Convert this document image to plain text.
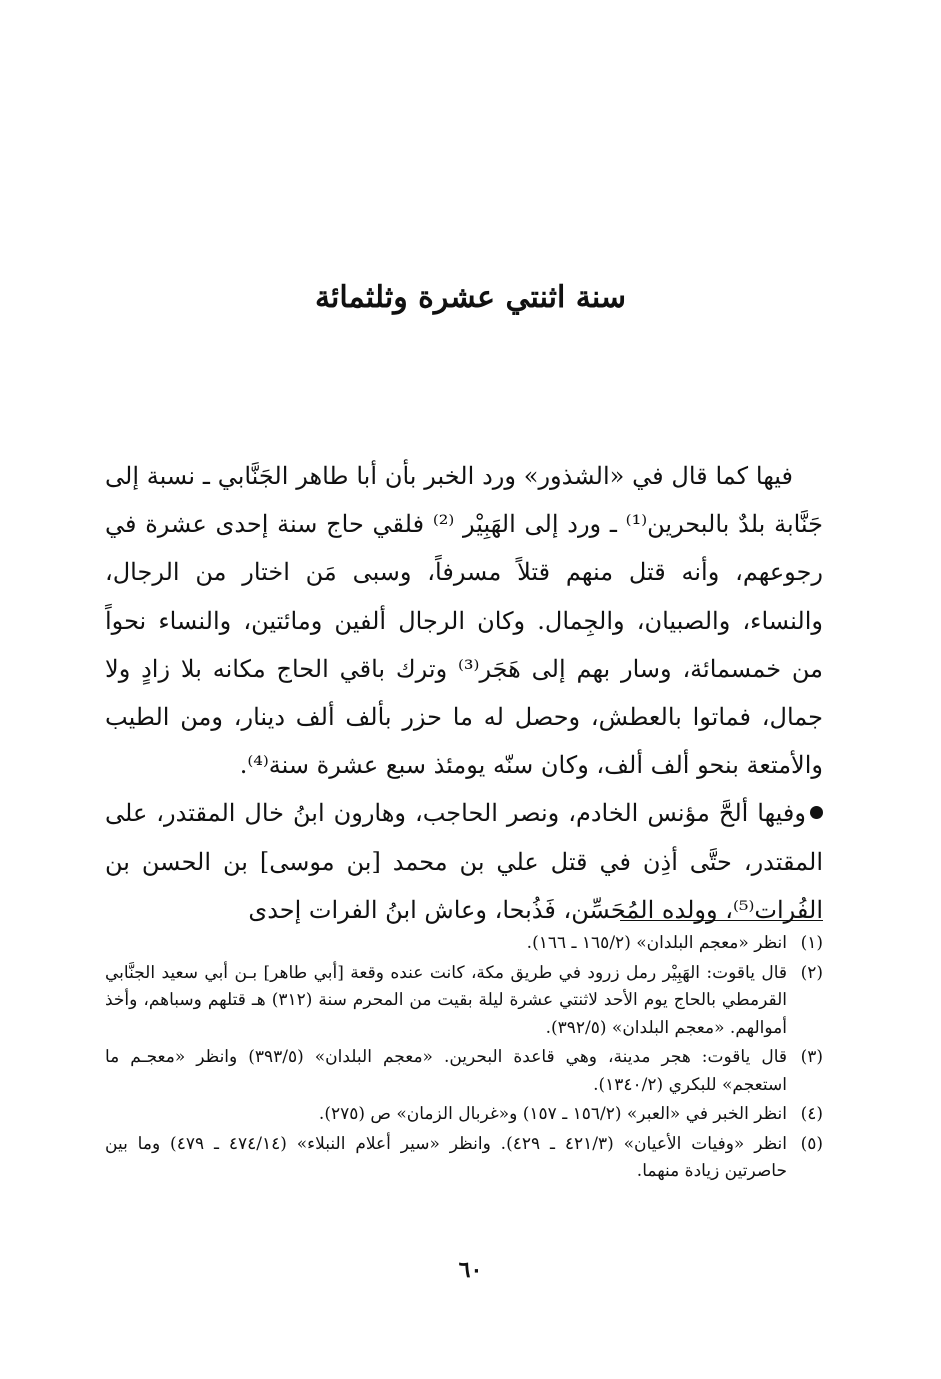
سنة اثنتي عشرة وثلثمائة

فيها كما قال في «الشذور» ورد الخبر بأن أبا طاهر الجَنَّابي ـ نسبة إلى جَنَّابة بلدٌ بالبحرين⁽¹⁾ ـ ورد إلى الهَبِيْر ⁽²⁾ فلقي حاج سنة إحدى عشرة في رجوعهم، وأنه قتل منهم قتلاً مسرفاً، وسبى مَن اختار من الرجال، والنساء، والصبيان، والجِمال. وكان الرجال ألفين ومائتين، والنساء نحواً من خمسمائة، وسار بهم إلى هَجَر⁽³⁾ وترك باقي الحاج مكانه بلا زادٍ ولا جمال، فماتوا بالعطش، وحصل له ما حزر بألف ألف دينار، ومن الطيب والأمتعة بنحو ألف ألف، وكان سنّه يومئذ سبع عشرة سنة⁽⁴⁾.

وفيها ألحَّ مؤنس الخادم، ونصر الحاجب، وهارون ابنُ خال المقتدر، على المقتدر، حتَّى أذِن في قتل علي بن محمد [بن موسى] بن الحسن بن الفُرات⁽⁵⁾، وولده المُحَسِّن، فَذُبحا، وعاش ابنُ الفرات إحدى

(١)
انظر «معجم البلدان» (١٦٥/٢ ـ ١٦٦).
(٢)
قال ياقوت: الهَبِيْر رمل زرود في طريق مكة، كانت عنده وقعة [أبي طاهر] بـن أبي سعيد الجنَّابي القرمطي بالحاج يوم الأحد لاثنتي عشرة ليلة بقيت من المحرم سنة (٣١٢) هـ قتلهم وسباهم، وأخذ أموالهم. «معجم البلدان» (٣٩٢/٥).
(٣)
قال ياقوت: هجر مدينة، وهي قاعدة البحرين. «معجم البلدان» (٣٩٣/٥) وانظر «معجـم ما استعجم» للبكري (١٣٤٠/٢).
(٤)
انظر الخبر في «العبر» (١٥٦/٢ ـ ١٥٧) و«غربال الزمان» ص (٢٧٥).
(٥)
انظر «وفيات الأعيان» (٤٢١/٣ ـ ٤٢٩). وانظر «سير أعلام النبلاء» (٤٧٤/١٤ ـ ٤٧٩) وما بين حاصرتين زيادة منهما.
٦٠
